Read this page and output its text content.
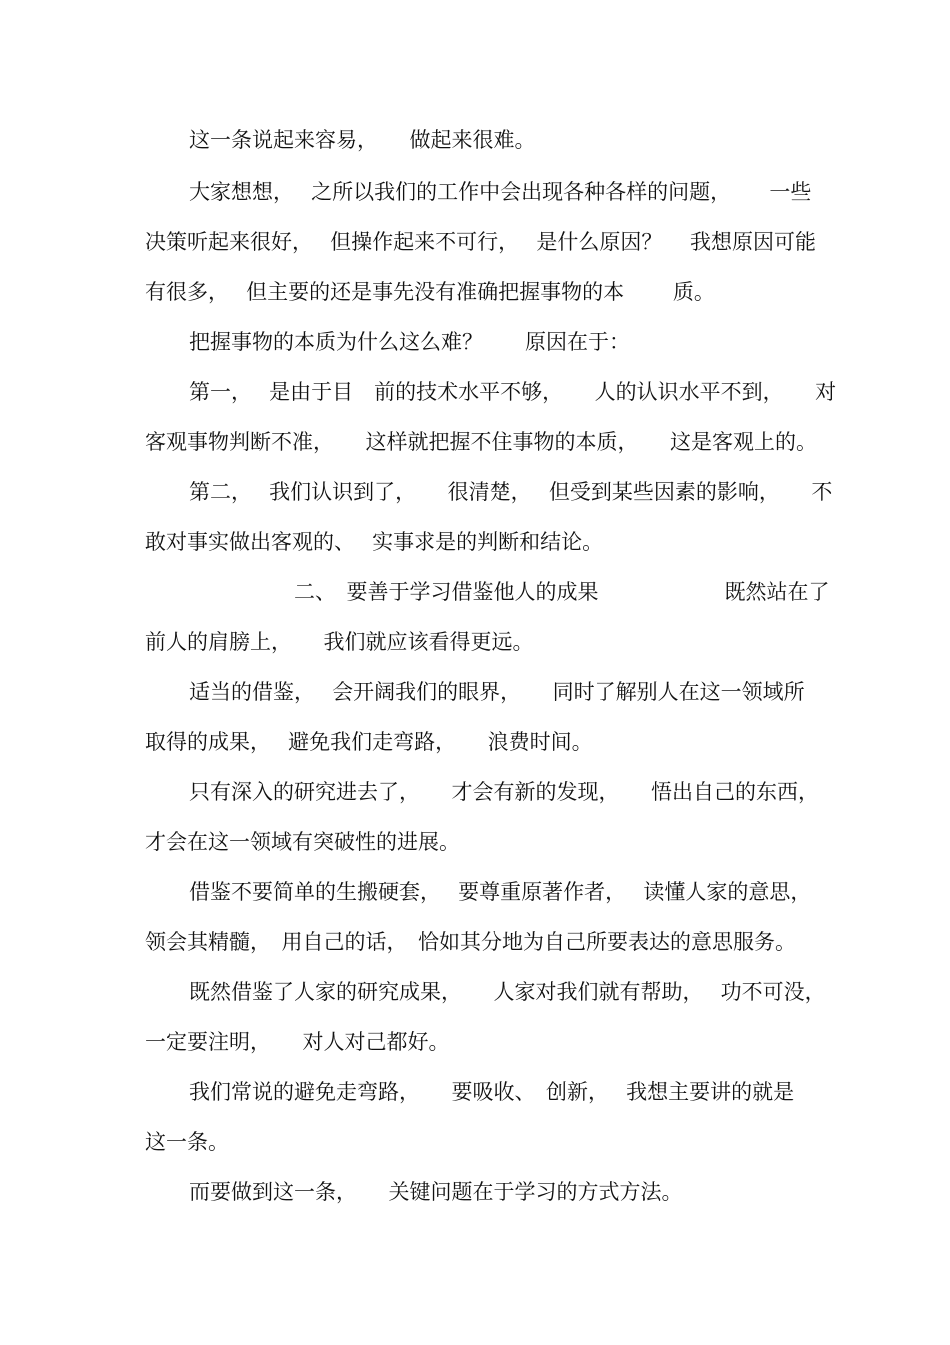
这一条说起来容易，　　做起来很难。
大家想想，　 之所以我们的工作中会出现各种各样的问题，　　 一些
决策听起来很好，　 但操作起来不可行，　 是什么原因？　 我想原因可能
有很多，　 但主要的还是事先没有准确把握事物的本　　 质。
把握事物的本质为什么这么难？　　原因在于：
第一，　 是由于目　前的技术水平不够，　　人的认识水平不到，　　对
客观事物判断不准，　　这样就把握不住事物的本质，　　这是客观上的。
第二，　 我们认识到了，　　很清楚，　 但受到某些因素的影响，　　不
敢对事实做出客观的、　 实事求是的判断和结论。
　　　　　二、　要善于学习借鉴他人的成果　　　　　　既然站在了
前人的肩膀上，　　我们就应该看得更远。
适当的借鉴，　 会开阔我们的眼界，　　同时了解别人在这一领域所
取得的成果，　 避免我们走弯路，　　浪费时间。
只有深入的研究进去了，　　才会有新的发现，　　悟出自己的东西，
才会在这一领域有突破性的进展。
借鉴不要简单的生搬硬套，　 要尊重原著作者，　 读懂人家的意思，
领会其精髓，　用自己的话，　恰如其分地为自己所要表达的意思服务。
既然借鉴了人家的研究成果，　　人家对我们就有帮助，　 功不可没，
一定要注明，　　对人对己都好。
我们常说的避免走弯路，　　要吸收、　创新，　 我想主要讲的就是
这一条。
而要做到这一条，　　关键问题在于学习的方式方法。
